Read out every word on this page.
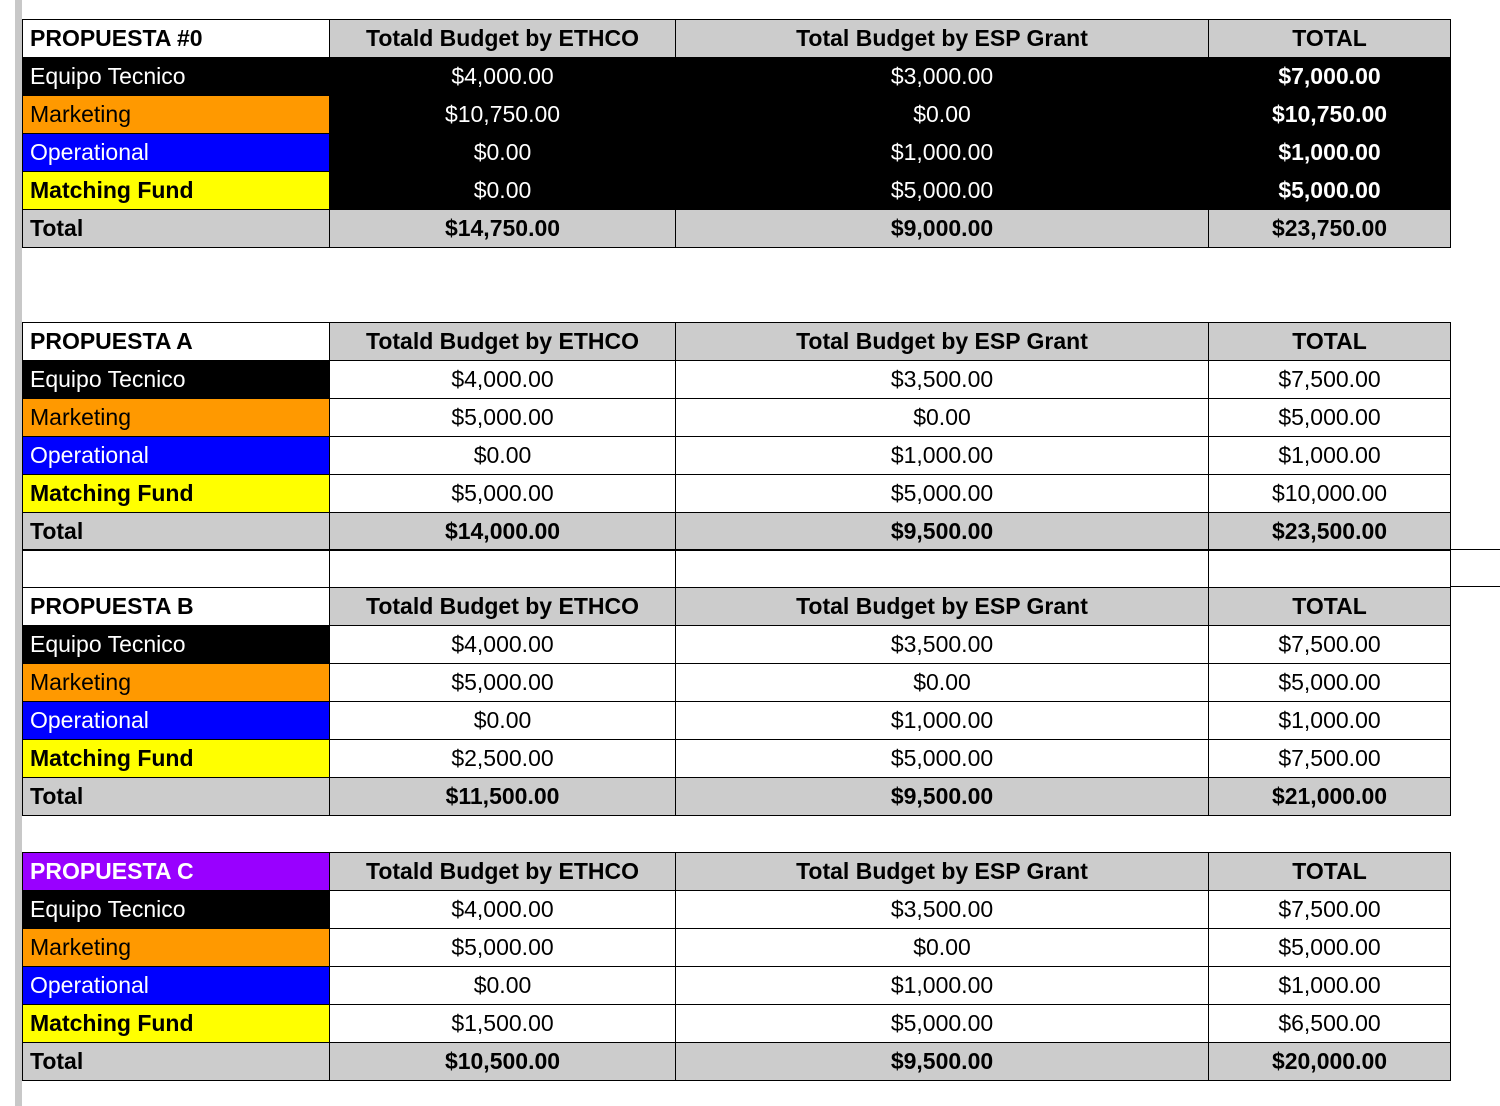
PROPUESTA #0	Totald Budget by ETHCO	Total Budget by ESP Grant	TOTAL
Equipo Tecnico	$4,000.00	$3,000.00	$7,000.00
Marketing	$10,750.00	$0.00	$10,750.00
Operational	$0.00	$1,000.00	$1,000.00
Matching Fund	$0.00	$5,000.00	$5,000.00
Total	$14,750.00	$9,000.00	$23,750.00
PROPUESTA A	Totald Budget by ETHCO	Total Budget by ESP Grant	TOTAL
Equipo Tecnico	$4,000.00	$3,500.00	$7,500.00
Marketing	$5,000.00	$0.00	$5,000.00
Operational	$0.00	$1,000.00	$1,000.00
Matching Fund	$5,000.00	$5,000.00	$10,000.00
Total	$14,000.00	$9,500.00	$23,500.00

PROPUESTA B	Totald Budget by ETHCO	Total Budget by ESP Grant	TOTAL
Equipo Tecnico	$4,000.00	$3,500.00	$7,500.00
Marketing	$5,000.00	$0.00	$5,000.00
Operational	$0.00	$1,000.00	$1,000.00
Matching Fund	$2,500.00	$5,000.00	$7,500.00
Total	$11,500.00	$9,500.00	$21,000.00
PROPUESTA C	Totald Budget by ETHCO	Total Budget by ESP Grant	TOTAL
Equipo Tecnico	$4,000.00	$3,500.00	$7,500.00
Marketing	$5,000.00	$0.00	$5,000.00
Operational	$0.00	$1,000.00	$1,000.00
Matching Fund	$1,500.00	$5,000.00	$6,500.00
Total	$10,500.00	$9,500.00	$20,000.00
